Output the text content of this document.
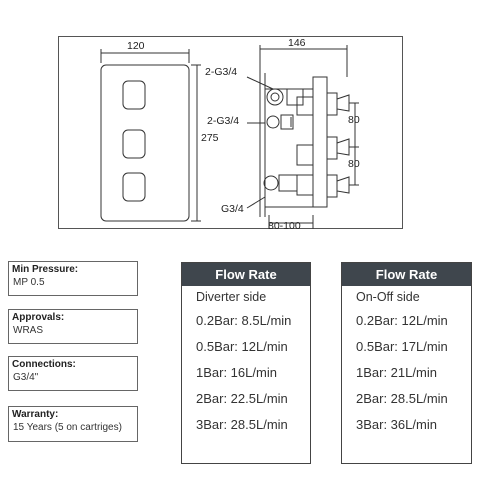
120
275
146
2-G3/4
2-G3/4
G3/4
80
80
80-100
Min Pressure:
MP 0.5
Approvals:
WRAS
Connections:
G3/4"
Warranty:
15 Years (5 on cartriges)
Flow Rate
Diverter side
0.2Bar: 8.5L/min
0.5Bar: 12L/min
1Bar: 16L/min
2Bar: 22.5L/min
3Bar: 28.5L/min
Flow Rate
On-Off side
0.2Bar: 12L/min
0.5Bar: 17L/min
1Bar: 21L/min
2Bar: 28.5L/min
3Bar: 36L/min
